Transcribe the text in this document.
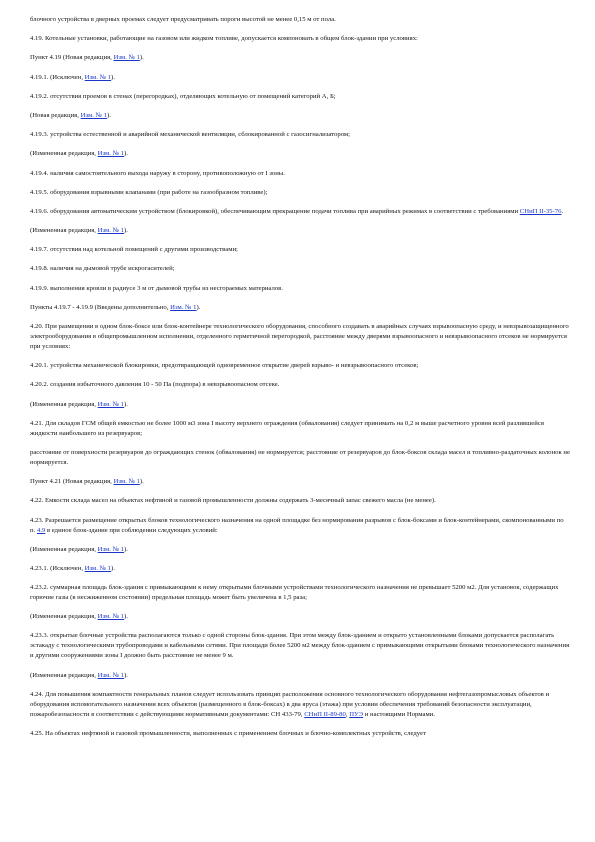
блочного устройства в дверных проемах следует предусматривать пороги высотой не менее 0,15 м от пола.
4.19. Котельные установки, работающие на газовом или жидком топливе, допускается компоновать в общем блок-здании при условиях:
Пункт 4.19 (Новая редакция, Изм. № 1).
4.19.1. (Исключен, Изм. № 1).
4.19.2. отсутствия проемов в стенах (перегородках), отделяющих котельную от помещений категорий А, Б;
(Новая редакция, Изм. № 1).
4.19.3. устройства естественной и аварийной механической вентиляции, сблокированной с газосигнализатором;
(Измененная редакция, Изм. № 1).
4.19.4. наличия самостоятельного выхода наружу в сторону, противоположную от I зоны.
4.19.5. оборудования взрывными клапанами (при работе на газообразном топливе);
4.19.6. оборудования автоматическим устройством (блокировкой), обеспечивающим прекращение подачи топлива при аварийных режимах в соответствии с требованиями СНиП II-35-76.
(Измененная редакция, Изм. № 1).
4.19.7. отсутствия над котельной помещений с другими производствами;
4.19.8. наличия на дымовой трубе искрогасителей;
4.19.9. выполнения кровли в радиусе 3 м от дымовой трубы из несгораемых материалов.
Пункты 4.19.7 - 4.19.9 (Введены дополнительно, Изм. № 1).
4.20. При размещении в одном блок-боксе или блок-контейнере технологического оборудования, способного создавать в аварийных случаях взрывоопасную среду, и невзрывозащищенного электрооборудования в общепромышленном исполнении, отделенного герметичной перегородкой, расстояние между дверями взрывоопасного и невзрывоопасного отсеков не нормируется при условиях:
4.20.1. устройства механической блокировки, предотвращающей одновременное открытие дверей взрыво- и невзрывоопасного отсеков;
4.20.2. создания избыточного давления 10 - 50 Па (подпора) в невзрывоопасном отсеке.
(Измененная редакция, Изм. № 1).
4.21. Для складов ГСМ общей емкостью не более 1000 м3 зона I высоту верхнего ограждения (обвалования) следует принимать на 0,2 м выше расчетного уровня всей разлившейся жидкости наибольшего из резервуаров;
расстояние от поверхности резервуаров до ограждающих стенок (обвалования) не нормируется; расстояние от резервуаров до блок-боксов склада масел и топливно-раздаточных колонок не нормируется.
Пункт 4.21 (Новая редакция, Изм. № 1).
4.22. Емкости склада масел на объектах нефтяной и газовой промышленности должны содержать 3-месячный запас свежего масла (не менее).
4.23. Разрешается размещение открытых блоков технологического назначения на одной площадке без нормирования разрывов с блок-боксами и блок-контейнерами, скомпонованными по п. 4.9 в единое блок-здание при соблюдении следующих условий:
(Измененная редакция, Изм. № 1).
4.23.1. (Исключен, Изм. № 1).
4.23.2. суммарная площадь блок-здания с примыкающими к нему открытыми блочными устройствами технологического назначения не превышает 5200 м2. Для установок, содержащих горючие газы (в несжиженном состоянии) предельная площадь может быть увеличена в 1,5 раза;
(Измененная редакция, Изм. № 1).
4.23.3. открытые блочные устройства располагаются только с одной стороны блок-здания. При этом между блок-зданием и открыто установленными блоками допускается располагать эстакаду с технологическими трубопроводами и кабельными сетями. При площади более 5200 м2 между блок-зданием с примыкающими открытыми блоками технологического назначения и другими сооружениями зоны I должно быть расстояние не менее 9 м.
(Измененная редакция, Изм. № 1).
4.24. Для повышения компактности генеральных планов следует использовать принцип расположения основного технологического оборудования нефтегазопромысловых объектов и оборудования вспомогательного назначения всех объектов (размещенного в блок-боксах) в два яруса (этажа) при условии обеспечения требований безопасности эксплуатации, пожаробезопасности в соответствии с действующими нормативными документами: СН 433-79, СНиП II-89-80, ПУЭ и настоящими Нормами.
4.25. На объектах нефтяной и газовой промышленности, выполненных с применением блочных и блочно-комплектных устройств, следует
